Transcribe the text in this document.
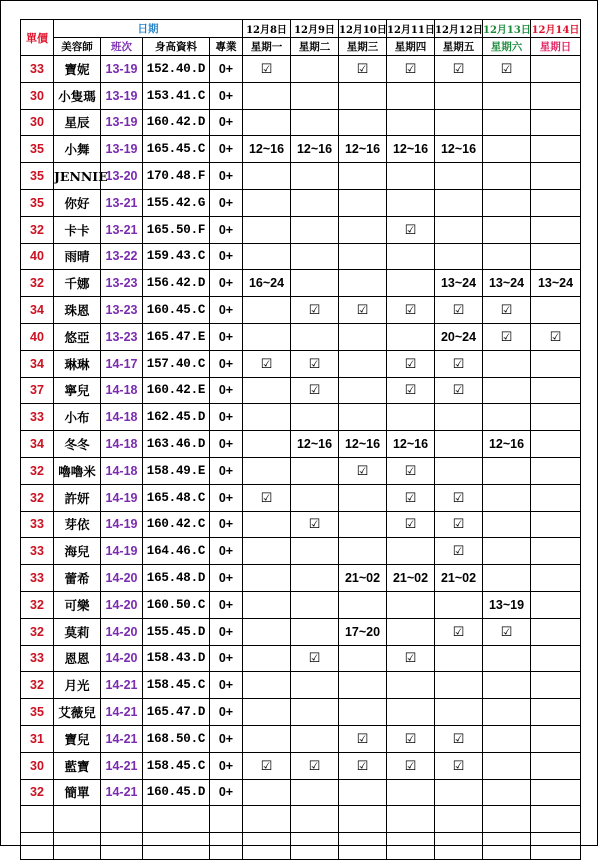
單價	日期				12月8日	12月9日	12月10日	12月11日	12月12日	12月13日	12月14日
	美容師	班次	身高資料	專業	星期一	星期二	星期三	星期四	星期五	星期六	星期日
33	寶妮	13-19	152.40.D	0+	☑		☑	☑	☑	☑	
30	小隻瑪	13-19	153.41.C	0+							
30	星辰	13-19	160.42.D	0+							
35	小舞	13-19	165.45.C	0+	12~16	12~16	12~16	12~16	12~16		
35	JENNIE	13-20	170.48.F	0+							
35	你好	13-21	155.42.G	0+							
32	卡卡	13-21	165.50.F	0+				☑			
40	雨晴	13-22	159.43.C	0+							
32	千娜	13-23	156.42.D	0+	16~24				13~24	13~24	13~24
34	珠恩	13-23	160.45.C	0+		☑	☑	☑	☑	☑	
40	悠亞	13-23	165.47.E	0+					20~24	☑	☑
34	琳琳	14-17	157.40.C	0+	☑	☑		☑	☑		
37	寧兒	14-18	160.42.E	0+		☑		☑	☑		
33	小布	14-18	162.45.D	0+							
34	冬冬	14-18	163.46.D	0+		12~16	12~16	12~16		12~16	
32	嚕嚕米	14-18	158.49.E	0+			☑	☑			
32	許妍	14-19	165.48.C	0+	☑			☑	☑		
33	芽依	14-19	160.42.C	0+		☑		☑	☑		
33	海兒	14-19	164.46.C	0+					☑		
33	蕾希	14-20	165.48.D	0+			21~02	21~02	21~02		
32	可樂	14-20	160.50.C	0+						13~19	
32	莫莉	14-20	155.45.D	0+			17~20		☑	☑	
33	恩恩	14-20	158.43.D	0+		☑		☑			
32	月光	14-21	158.45.C	0+							
35	艾薇兒	14-21	165.47.D	0+							
31	寶兒	14-21	168.50.C	0+			☑	☑	☑		
30	藍寶	14-21	158.45.C	0+	☑	☑	☑	☑	☑		
32	簡單	14-21	160.45.D	0+							
